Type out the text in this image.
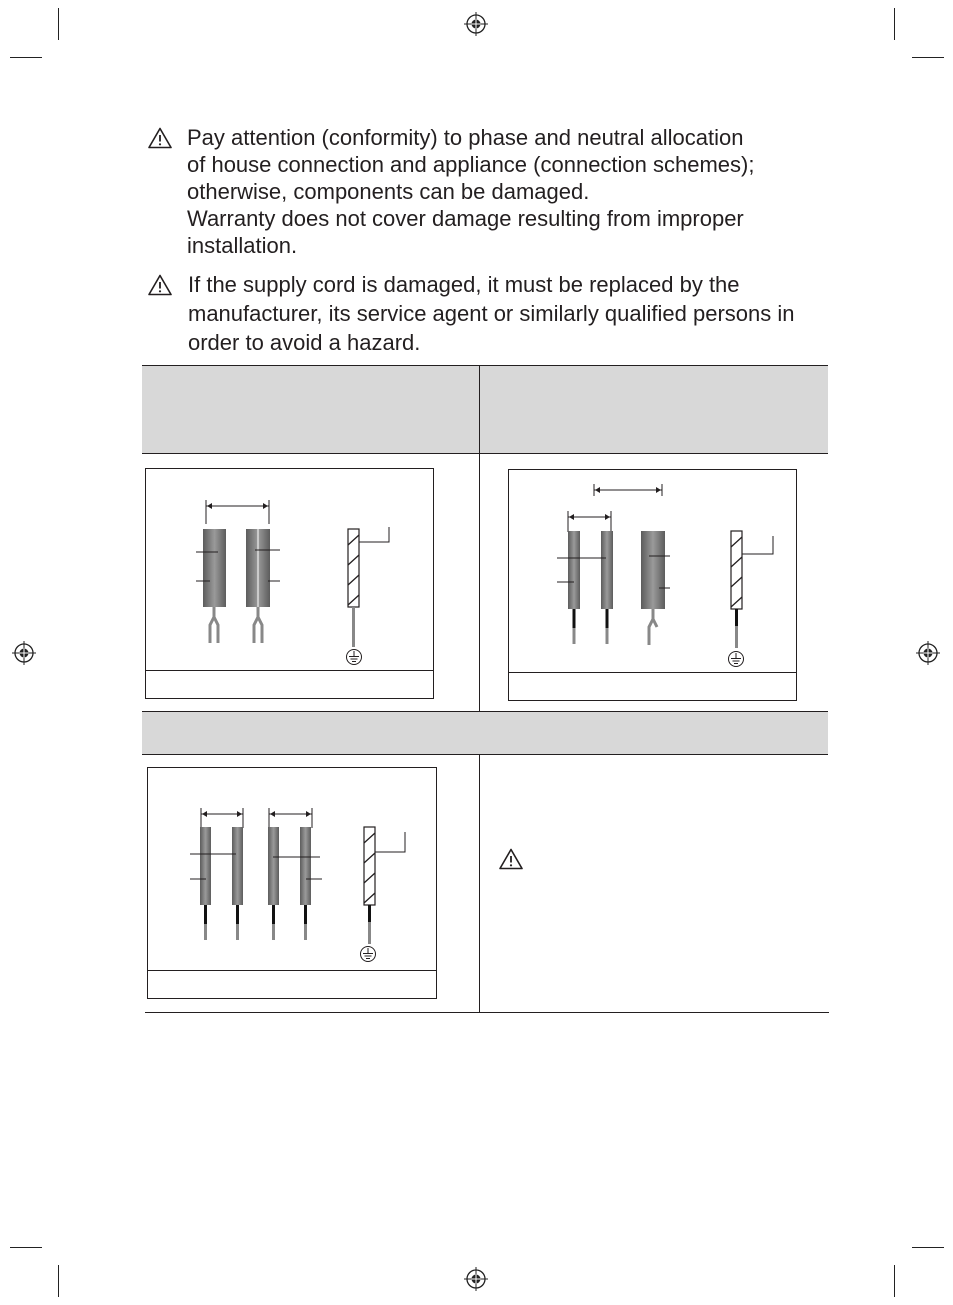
Pay attention (conformity) to phase and neutral allocation
of house connection and appliance (connection schemes);
otherwise, components can be damaged.
Warranty does not cover damage resulting from improper
installation.
If the supply cord is damaged, it must be replaced by the
manufacturer, its service agent or similarly qualified persons in
order to avoid a hazard.
